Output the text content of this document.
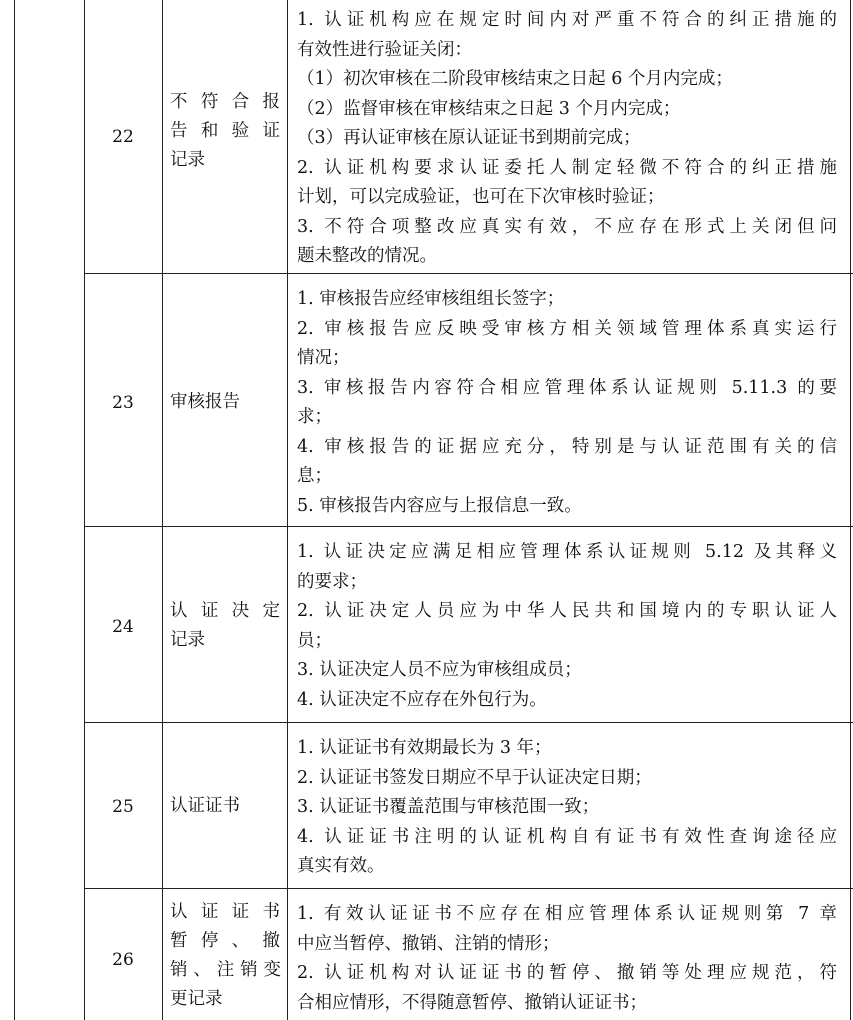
22
不符合报
告和验证
记录
1. 认证机构应在规定时间内对严重不符合的纠正措施的
有效性进行验证关闭：
（1）初次审核在二阶段审核结束之日起 6 个月内完成；
（2）监督审核在审核结束之日起 3 个月内完成；
（3）再认证审核在原认证证书到期前完成；
2. 认证机构要求认证委托人制定轻微不符合的纠正措施
计划，可以完成验证，也可在下次审核时验证；
3. 不符合项整改应真实有效，不应存在形式上关闭但问
题未整改的情况。
23	审核报告
1. 审核报告应经审核组组长签字；
2. 审核报告应反映受审核方相关领域管理体系真实运行
情况；
3. 审核报告内容符合相应管理体系认证规则 5.11.3 的要
求；
4. 审核报告的证据应充分，特别是与认证范围有关的信
息；
5. 审核报告内容应与上报信息一致。
24
认证决定
记录
1. 认证决定应满足相应管理体系认证规则 5.12 及其释义
的要求；
2. 认证决定人员应为中华人民共和国境内的专职认证人
员；
3. 认证决定人员不应为审核组成员；
4. 认证决定不应存在外包行为。
25	认证证书
1. 认证证书有效期最长为 3 年；
2. 认证证书签发日期应不早于认证决定日期；
3. 认证证书覆盖范围与审核范围一致；
4. 认证证书注明的认证机构自有证书有效性查询途径应
真实有效。
26
认证证书
暂停、撤
销、注销变
更记录
1. 有效认证证书不应存在相应管理体系认证规则第 7 章
中应当暂停、撤销、注销的情形；
2. 认证机构对认证证书的暂停、撤销等处理应规范，符
合相应情形，不得随意暂停、撤销认证证书；
